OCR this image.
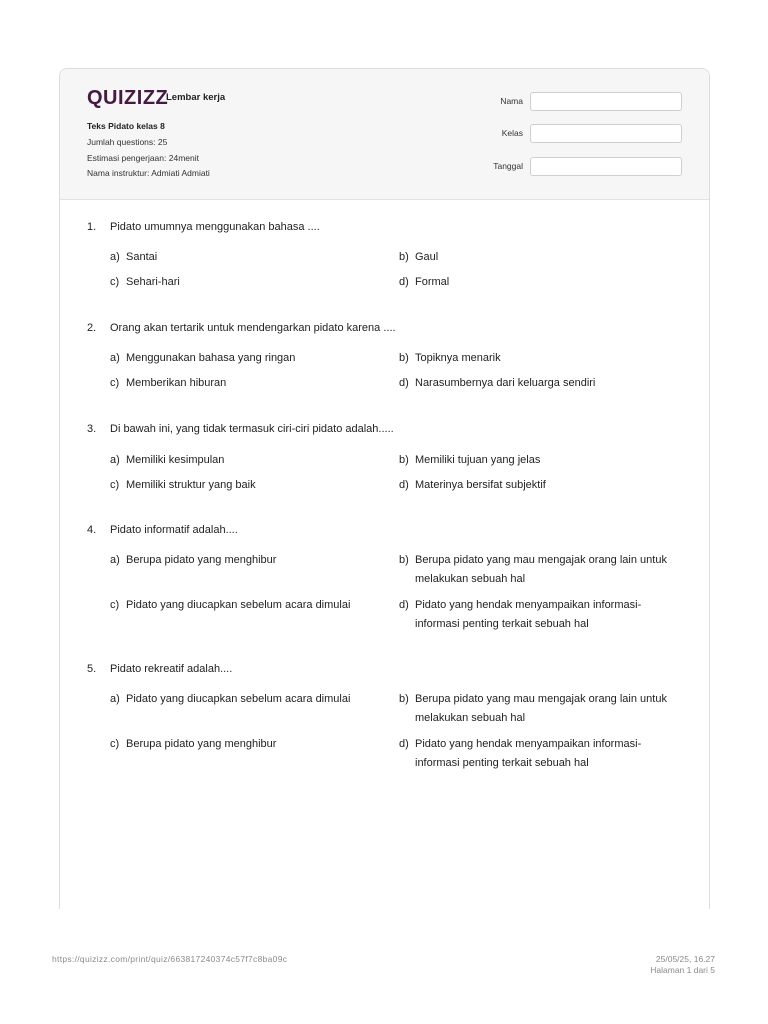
QUIZIZZ
Lembar kerja
Teks Pidato kelas 8
Jumlah questions: 25
Estimasi pengerjaan: 24menit
Nama instruktur: Admiati Admiati
Nama
Kelas
Tanggal
1. Pidato umumnya menggunakan bahasa ....
a) Santai	b) Gaul
c) Sehari-hari	d) Formal
2. Orang akan tertarik untuk mendengarkan pidato karena ....
a) Menggunakan bahasa yang ringan	b) Topiknya menarik
c) Memberikan hiburan	d) Narasumbernya dari keluarga sendiri
3. Di bawah ini, yang tidak termasuk ciri-ciri pidato adalah.....
a) Memiliki kesimpulan	b) Memiliki tujuan yang jelas
c) Memiliki struktur yang baik	d) Materinya bersifat subjektif
4. Pidato informatif adalah....
a) Berupa pidato yang menghibur	b) Berupa pidato yang mau mengajak orang lain untuk melakukan sebuah hal
c) Pidato yang diucapkan sebelum acara dimulai	d) Pidato yang hendak menyampaikan informasi-informasi penting terkait sebuah hal
5. Pidato rekreatif adalah....
a) Pidato yang diucapkan sebelum acara dimulai	b) Berupa pidato yang mau mengajak orang lain untuk melakukan sebuah hal
c) Berupa pidato yang menghibur	d) Pidato yang hendak menyampaikan informasi-informasi penting terkait sebuah hal
https://quizizz.com/print/quiz/663817240374c57f7c8ba09c	25/05/25, 16.27
Halaman 1 dari 5
